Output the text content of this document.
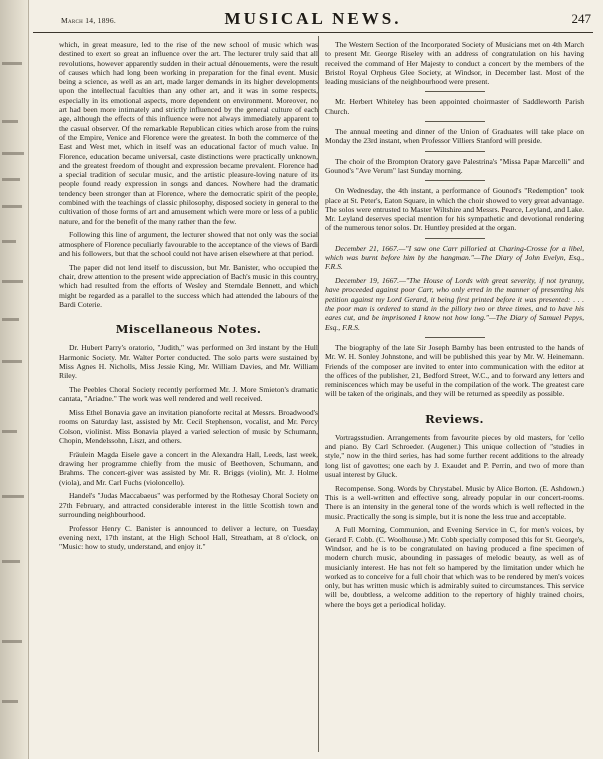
March 14, 1896.	MUSICAL NEWS.	247

which, in great measure, led to the rise of the new school of music which was destined to exert so great an influence over the art. The lecturer truly said that all revolutions, however apparently sudden in their actual dénouements, were the result of causes which had long been working in preparation for the final event. Music being a science, as well as an art, made larger demands in its higher developments upon the intellectual faculties than any other art, and it was in some respects, especially in its emotional aspects, more dependent on environment. Moreover, no art had been more intimately and strictly influenced by the general culture of each age, although the effects of this influence were not always immediately apparent to the casual observer. Of the remarkable Republican cities which arose from the ruins of the Empire, Venice and Florence were the greatest. In both the commerce of the East and West met, which in itself was an educational factor of much value. In Florence, education became universal, caste distinctions were practically unknown, and the greatest freedom of thought and expression became prevalent. Florence had a special tradition of secular music, and the artistic pleasure-loving nature of its people found ready expression in songs and dances. Nowhere had the dramatic tendency been stronger than at Florence, where the democratic spirit of the people, combined with the teachings of classic philosophy, disposed society in general to the cultivation of those forms of art and amusement which were more or less of a public nature, and for the benefit of the many rather than the few.

Following this line of argument, the lecturer showed that not only was the social atmosphere of Florence peculiarly favourable to the acceptance of the views of Bardi and his followers, but that the school could not have arisen elsewhere at that period.

The paper did not lend itself to discussion, but Mr. Banister, who occupied the chair, drew attention to the present wide appreciation of Bach's music in this country, which had resulted from the efforts of Wesley and Sterndale Bennett, and which might be regarded as a parallel to the success which had attended the labours of the Bardi Coterie.

Miscellaneous Notes.

Dr. Hubert Parry's oratorio, "Judith," was performed on 3rd instant by the Hull Harmonic Society. Mr. Walter Porter conducted. The solo parts were sustained by Miss Agnes H. Nicholls, Miss Jessie King, Mr. William Davies, and Mr. William Riley.

The Peebles Choral Society recently performed Mr. J. More Smieton's dramatic cantata, "Ariadne." The work was well rendered and well received.

Miss Ethel Bonavia gave an invitation pianoforte recital at Messrs. Broadwood's rooms on Saturday last, assisted by Mr. Cecil Stephenson, vocalist, and Mr. Percy Colson, violinist. Miss Bonavia played a varied selection of music by Schumann, Chopin, Mendelssohn, Liszt, and others.

Fräulein Magda Eisele gave a concert in the Alexandra Hall, Leeds, last week, drawing her programme chiefly from the music of Beethoven, Schumann, and Brahms. The concert-giver was assisted by Mr. R. Briggs (violin), Mr. J. Holme (viola), and Mr. Carl Fuchs (violoncello).

Handel's "Judas Maccabaeus" was performed by the Rothesay Choral Society on 27th February, and attracted considerable interest in the little Scottish town and surrounding neighbourhood.

Professor Henry C. Banister is announced to deliver a lecture, on Tuesday evening next, 17th instant, at the High School Hall, Streatham, at 8 o'clock, on "Music: how to study, understand, and enjoy it."

The Western Section of the Incorporated Society of Musicians met on 4th March to present Mr. George Riseley with an address of congratulation on his having received the command of Her Majesty to conduct a concert by the members of the Bristol Royal Orpheus Glee Society, at Windsor, in December last. Most of the leading musicians of the neighbourhood were present.

Mr. Herbert Whiteley has been appointed choirmaster of Saddleworth Parish Church.

The annual meeting and dinner of the Union of Graduates will take place on Monday the 23rd instant, when Professor Villiers Stanford will preside.

The choir of the Brompton Oratory gave Palestrina's "Missa Papæ Marcelli" and Gounod's "Ave Verum" last Sunday morning.

On Wednesday, the 4th instant, a performance of Gounod's "Redemption" took place at St. Peter's, Eaton Square, in which the choir showed to very great advantage. The solos were entrusted to Master Wiltshire and Messrs. Pearce, Leyland, and Lake. Mr. Leyland deserves special mention for his sympathetic and devotional rendering of the numerous tenor solos. Dr. Huntley presided at the organ.

December 21, 1667.—"I saw one Carr pilloried at Charing-Crosse for a libel, which was burnt before him by the hangman."—The Diary of John Evelyn, Esq., F.R.S.

December 19, 1667.—"The House of Lords with great severity, if not tyranny, have proceeded against poor Carr, who only erred in the manner of presenting his petition against my Lord Gerard, it being first printed before it was presented: . . . the poor man is ordered to stand in the pillory two or three times, and to have his eares cut, and be imprisoned I know not how long."—The Diary of Samuel Pepys, Esq., F.R.S.

The biography of the late Sir Joseph Barnby has been entrusted to the hands of Mr. W. H. Sonley Johnstone, and will be published this year by Mr. W. Heinemann. Friends of the composer are invited to enter into communication with the editor at the offices of the publisher, 21, Bedford Street, W.C., and to forward any letters and reminiscences which may be useful in the compilation of the work. The greatest care will be taken of the originals, and they will be returned as speedily as possible.

Reviews.

Vortragsstudien. Arrangements from favourite pieces by old masters, for 'cello and piano. By Carl Schroeder. (Augener.) This unique collection of "studies in style," now in the third series, has had some further recent additions to the already long list of gavottes; one each by J. Exaudet and P. Perrin, and two of more than usual interest by Gluck.

Recompense. Song. Words by Chrystabel. Music by Alice Borton. (E. Ashdown.) This is a well-written and effective song, already popular in our concert-rooms. There is an intensity in the general tone of the words which is well reflected in the music. Practically the song is simple, but it is none the less true and acceptable.

A Full Morning, Communion, and Evening Service in C, for men's voices, by Gerard F. Cobb. (C. Woolhouse.) Mr. Cobb specially composed this for St. George's, Windsor, and he is to be congratulated on having produced a fine specimen of modern church music, abounding in passages of melodic beauty, as well as of musicianly interest. He has not felt so hampered by the limitation under which he worked as to conceive for a full choir that which was to be rendered by men's voices only, but has written music which is admirably suited to circumstances. This service will be, doubtless, a welcome addition to the repertory of highly trained choirs, where the boys get a periodical holiday.
